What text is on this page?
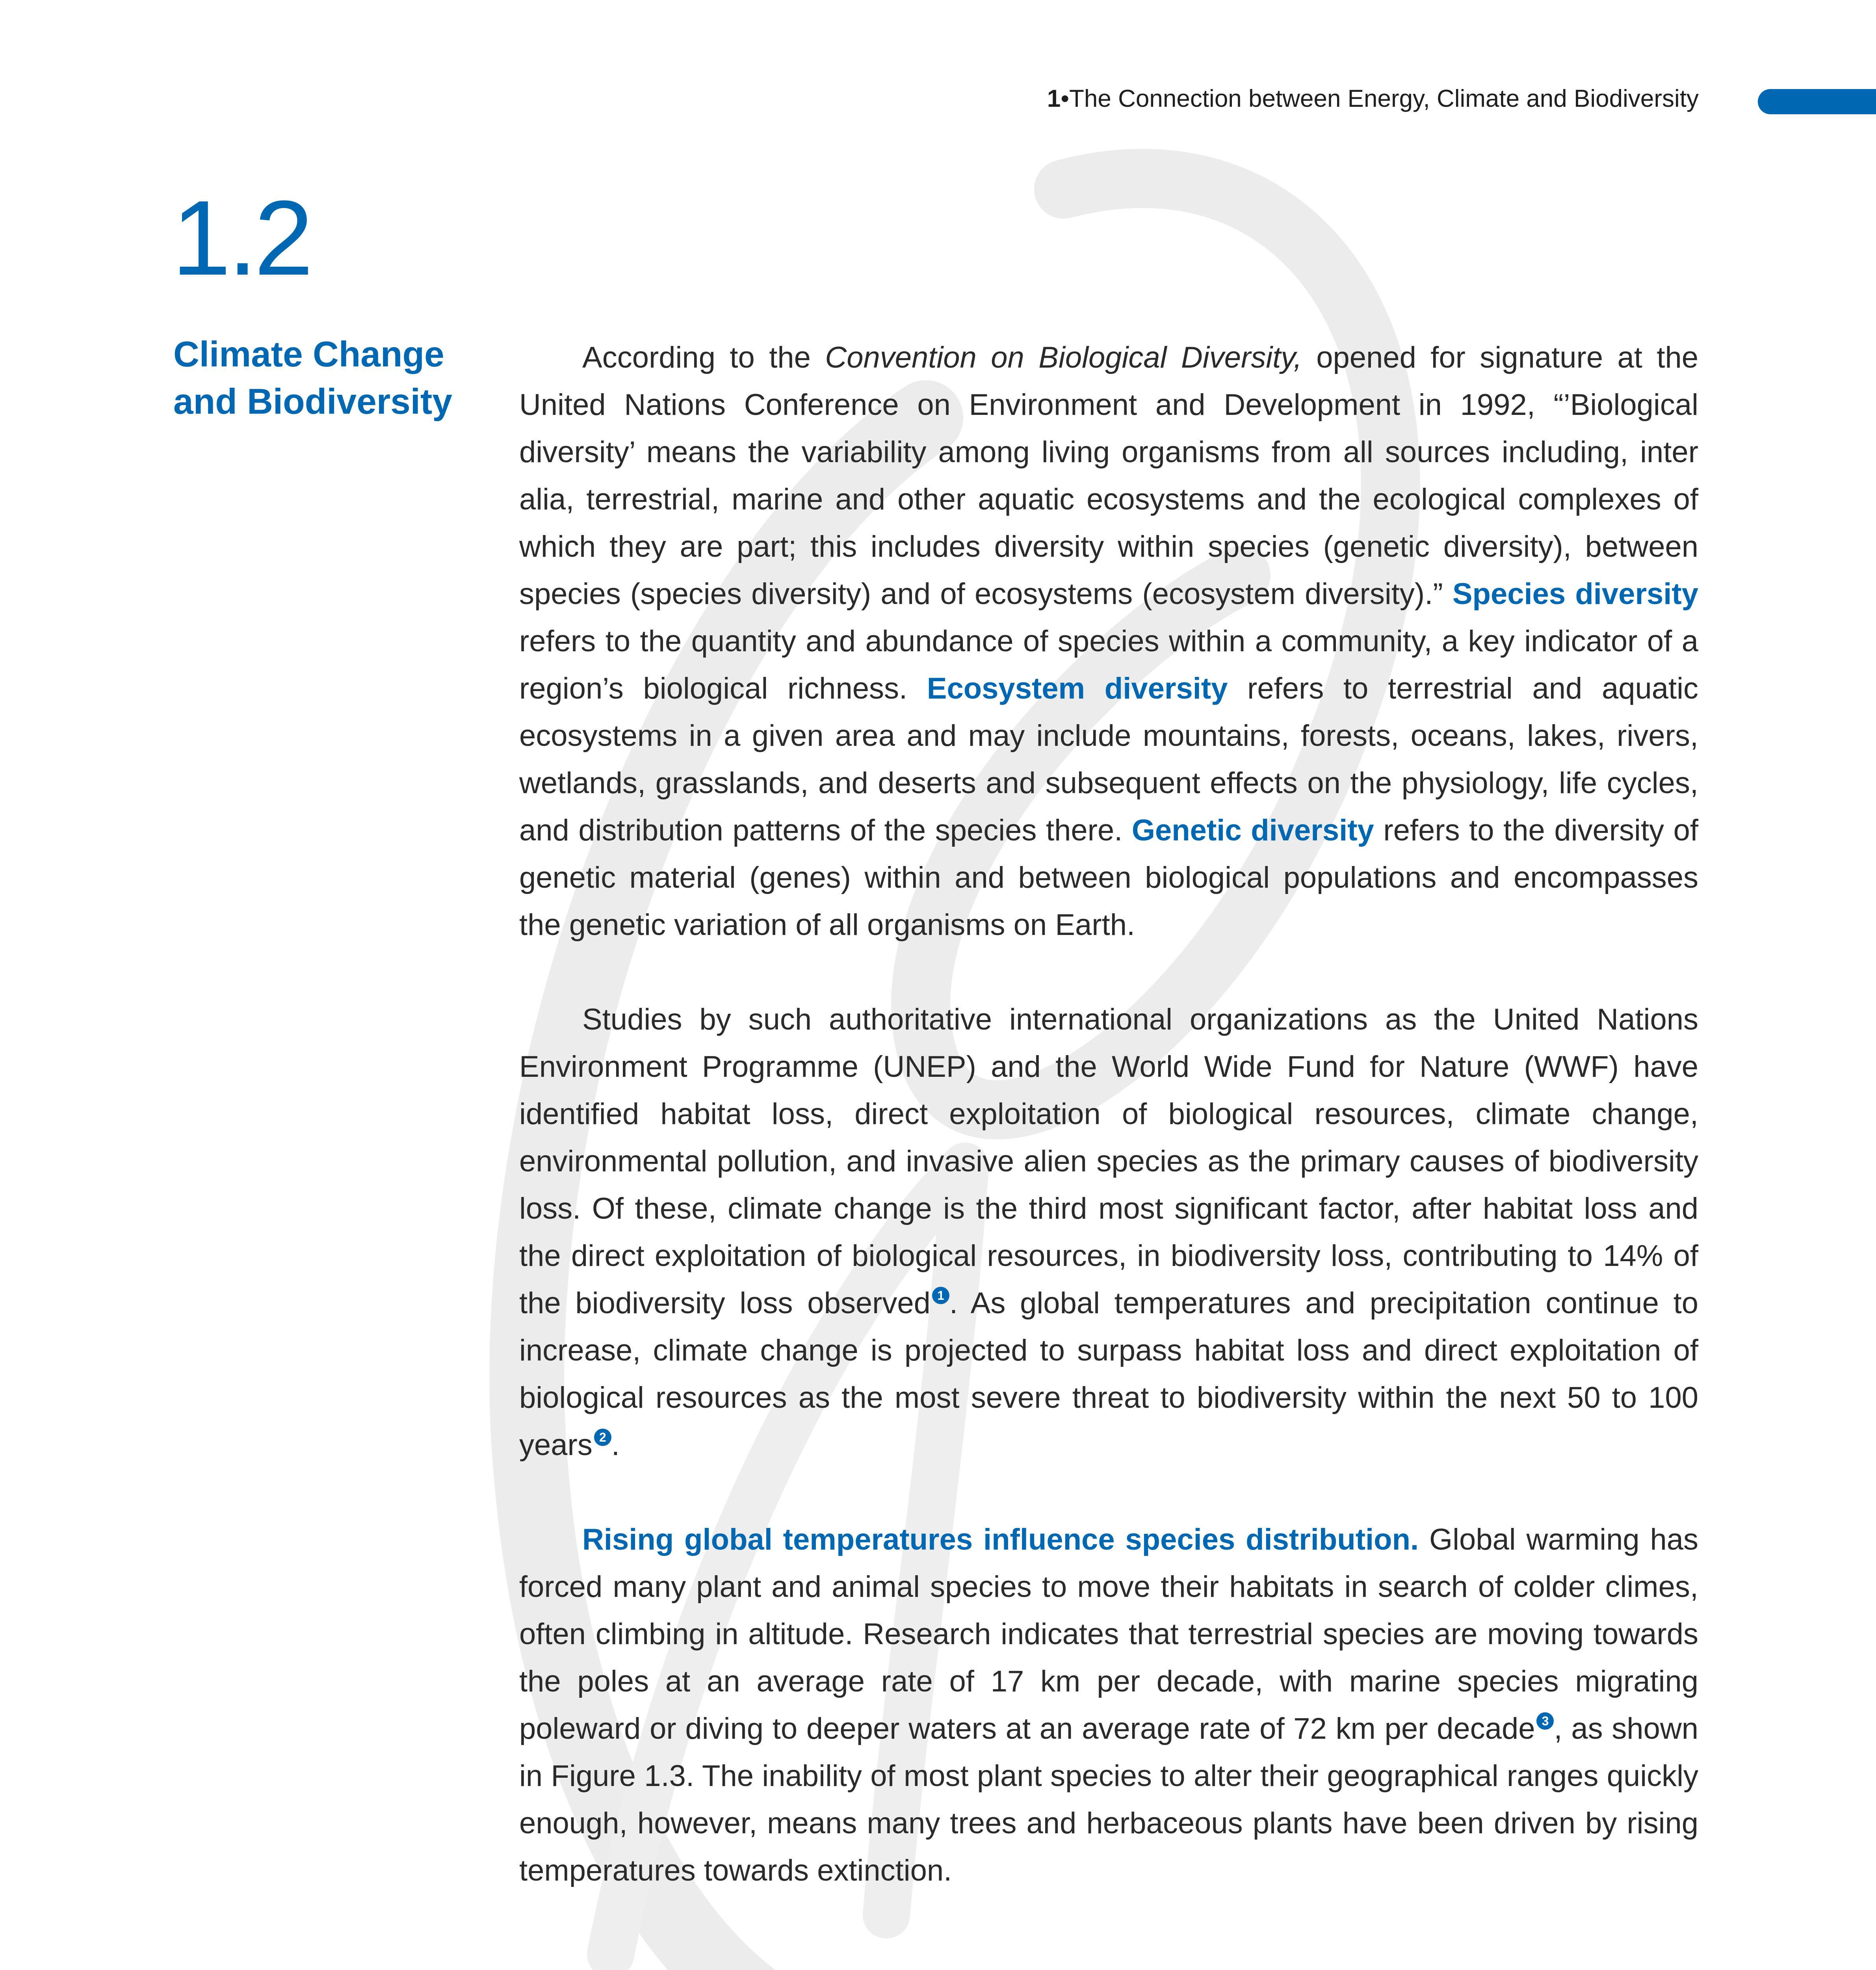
1•The Connection between Energy, Climate and Biodiversity
1.2
Climate Change
and Biodiversity

According to the Convention on Biological Diversity, opened for signature at the United Nations Conference on Environment and Development in 1992, “’Biological diversity’ means the variability among living organisms from all sources including, inter alia, terrestrial, marine and other aquatic ecosystems and the ecological complexes of which they are part; this includes diversity within species (genetic diversity), between species (species diversity) and of ecosystems (ecosystem diversity).” Species diversity refers to the quantity and abundance of species within a community, a key indicator of a region’s biological richness. Ecosystem diversity refers to terrestrial and aquatic ecosystems in a given area and may include mountains, forests, oceans, lakes, rivers, wetlands, grasslands, and deserts and subsequent effects on the physiology, life cycles, and distribution patterns of the species there. Genetic diversity refers to the diversity of genetic material (genes) within and between biological populations and encompasses the genetic variation of all organisms on Earth.

Studies by such authoritative international organizations as the United Nations Environment Programme (UNEP) and the World Wide Fund for Nature (WWF) have identified habitat loss, direct exploitation of biological resources, climate change, environmental pollution, and invasive alien species as the primary causes of biodiversity loss. Of these, climate change is the third most significant factor, after habitat loss and the direct exploitation of biological resources, in biodiversity loss, contributing to 14% of the biodiversity loss observed 1 . As global temperatures and precipitation continue to increase, climate change is projected to surpass habitat loss and direct exploitation of biological resources as the most severe threat to biodiversity within the next 50 to 100 years 2 .

Rising global temperatures influence species distribution. Global warming has forced many plant and animal species to move their habitats in search of colder climes, often climbing in altitude. Research indicates that terrestrial species are moving towards the poles at an average rate of 17 km per decade, with marine species migrating poleward or diving to deeper waters at an average rate of 72 km per decade 3 , as shown in Figure 1.3. The inability of most plant species to alter their geographical ranges quickly enough, however, means many trees and herbaceous plants have been driven by rising temperatures towards extinction.
